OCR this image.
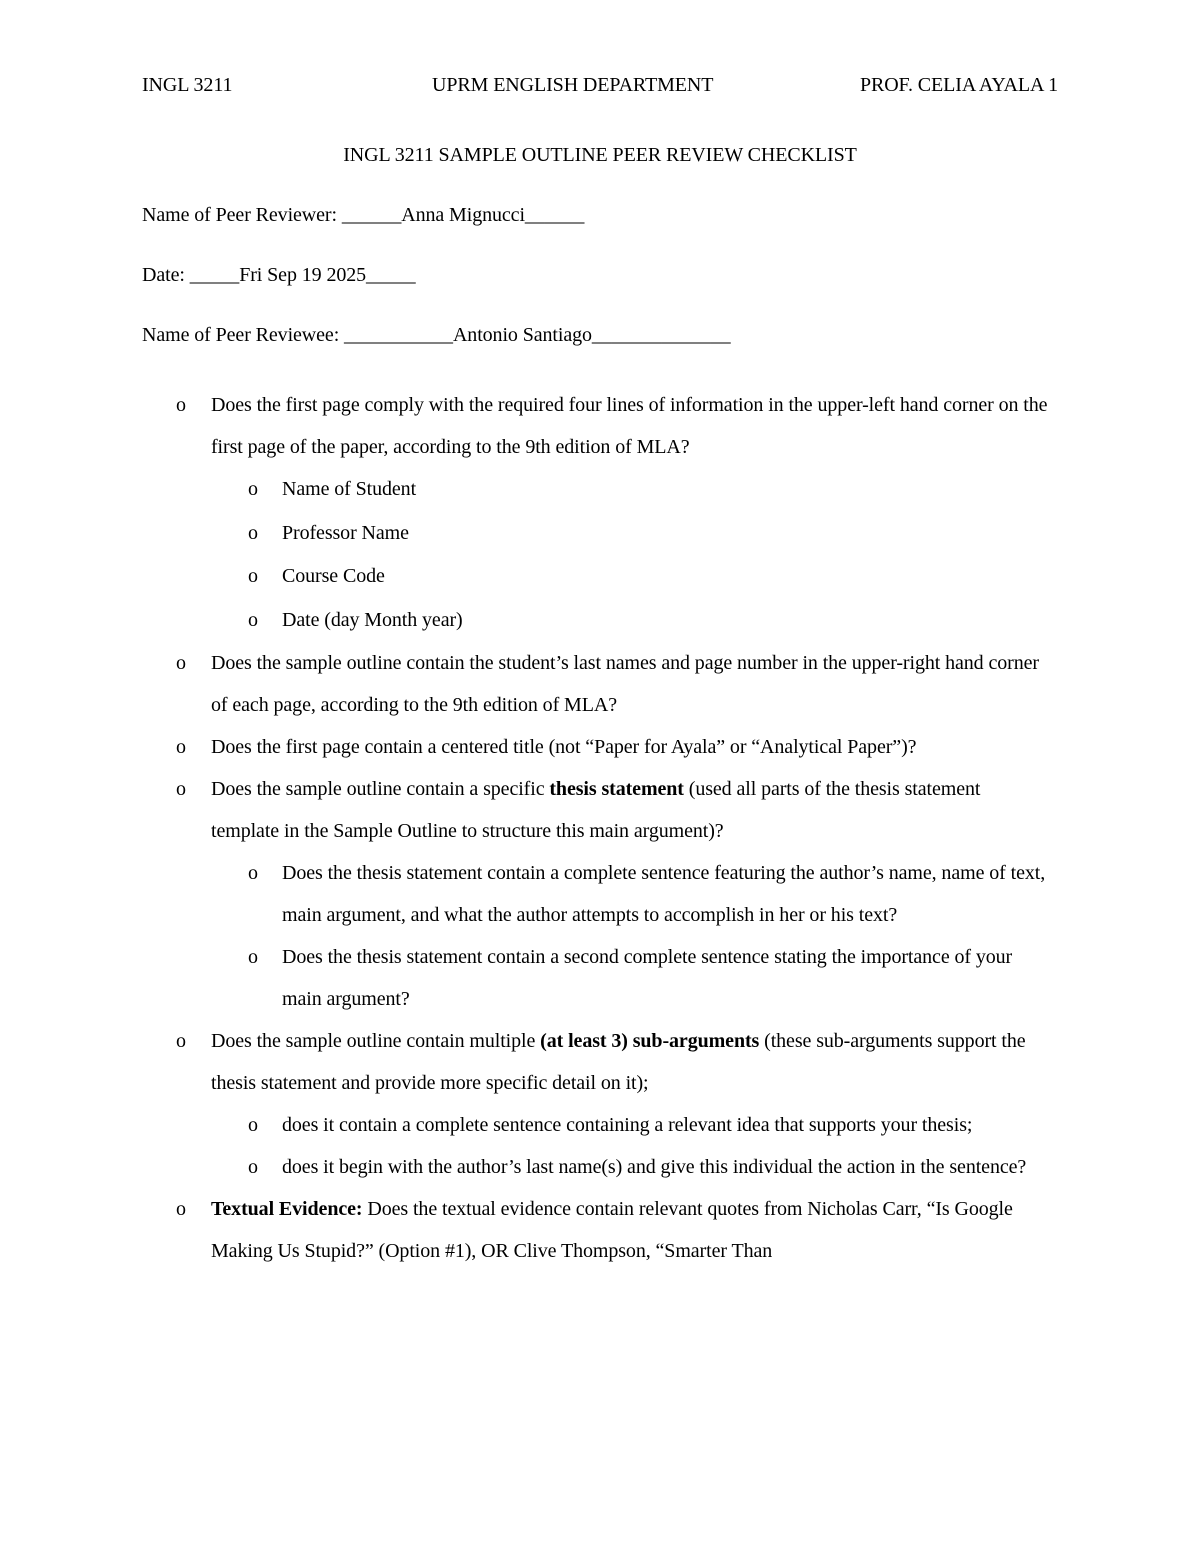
INGL 3211	UPRM ENGLISH DEPARTMENT	PROF. CELIA AYALA 1
INGL 3211 SAMPLE OUTLINE PEER REVIEW CHECKLIST
Name of Peer Reviewer: ______Anna Mignucci______
Date: _____Fri Sep 19 2025_____
Name of Peer Reviewee: ___________Antonio Santiago______________
o Does the first page comply with the required four lines of information in the upper-left hand corner on the first page of the paper, according to the 9th edition of MLA?
o Name of Student
o Professor Name
o Course Code
o Date (day Month year)
o Does the sample outline contain the student’s last names and page number in the upper-right hand corner of each page, according to the 9th edition of MLA?
o Does the first page contain a centered title (not “Paper for Ayala” or “Analytical Paper”)?
o Does the sample outline contain a specific thesis statement (used all parts of the thesis statement template in the Sample Outline to structure this main argument)?
o Does the thesis statement contain a complete sentence featuring the author’s name, name of text, main argument, and what the author attempts to accomplish in her or his text?
o Does the thesis statement contain a second complete sentence stating the importance of your main argument?
o Does the sample outline contain multiple (at least 3) sub-arguments (these sub-arguments support the thesis statement and provide more specific detail on it);
o does it contain a complete sentence containing a relevant idea that supports your thesis;
o does it begin with the author’s last name(s) and give this individual the action in the sentence?
o Textual Evidence: Does the textual evidence contain relevant quotes from Nicholas Carr, “Is Google Making Us Stupid?” (Option #1), OR Clive Thompson, “Smarter Than
